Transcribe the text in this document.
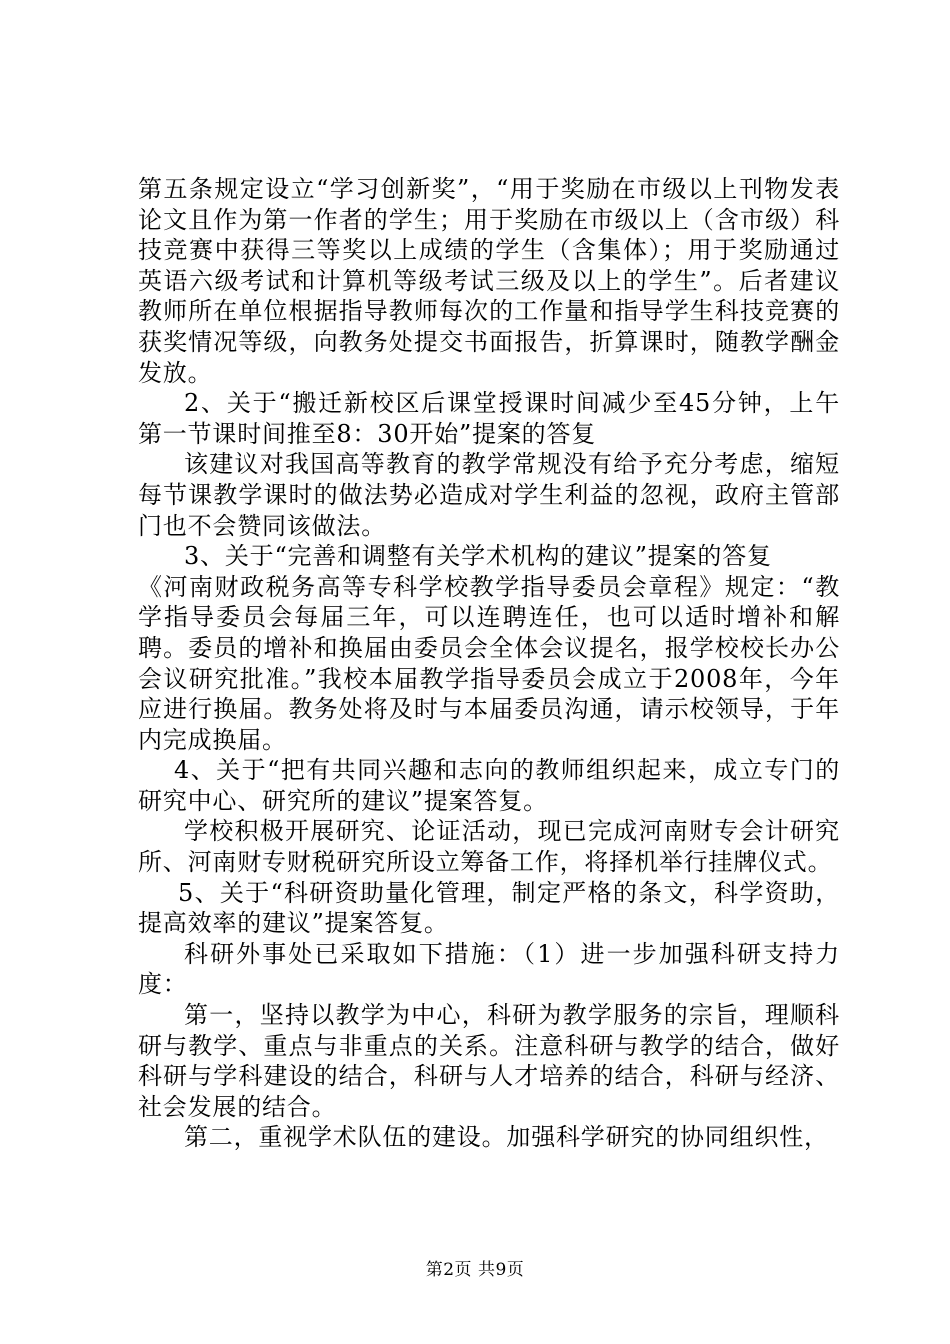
第五条规定设立“学习创新奖”，“用于奖励在市级以上刊物发表论文且作为第一作者的学生；用于奖励在市级以上（含市级）科技竞赛中获得三等奖以上成绩的学生（含集体）；用于奖励通过英语六级考试和计算机等级考试三级及以上的学生”。后者建议教师所在单位根据指导教师每次的工作量和指导学生科技竞赛的获奖情况等级，向教务处提交书面报告，折算课时，随教学酬金发放。

2、关于“搬迁新校区后课堂授课时间减少至45分钟，上午第一节课时间推至8：30开始”提案的答复

该建议对我国高等教育的教学常规没有给予充分考虑，缩短每节课教学课时的做法势必造成对学生利益的忽视，政府主管部门也不会赞同该做法。

3、关于“完善和调整有关学术机构的建议”提案的答复

《河南财政税务高等专科学校教学指导委员会章程》规定：“教学指导委员会每届三年，可以连聘连任，也可以适时增补和解聘。委员的增补和换届由委员会全体会议提名，报学校校长办公会议研究批准。”我校本届教学指导委员会成立于2008年，今年应进行换届。教务处将及时与本届委员沟通，请示校领导，于年内完成换届。

4、关于“把有共同兴趣和志向的教师组织起来，成立专门的研究中心、研究所的建议”提案答复。

学校积极开展研究、论证活动，现已完成河南财专会计研究所、河南财专财税研究所设立筹备工作，将择机举行挂牌仪式。

5、关于“科研资助量化管理，制定严格的条文，科学资助，提高效率的建议”提案答复。

科研外事处已采取如下措施：（1）进一步加强科研支持力度：

第一，坚持以教学为中心，科研为教学服务的宗旨，理顺科研与教学、重点与非重点的关系。注意科研与教学的结合，做好科研与学科建设的结合，科研与人才培养的结合，科研与经济、社会发展的结合。

第二，重视学术队伍的建设。加强科学研究的协同组织性，

第2页 共9页
